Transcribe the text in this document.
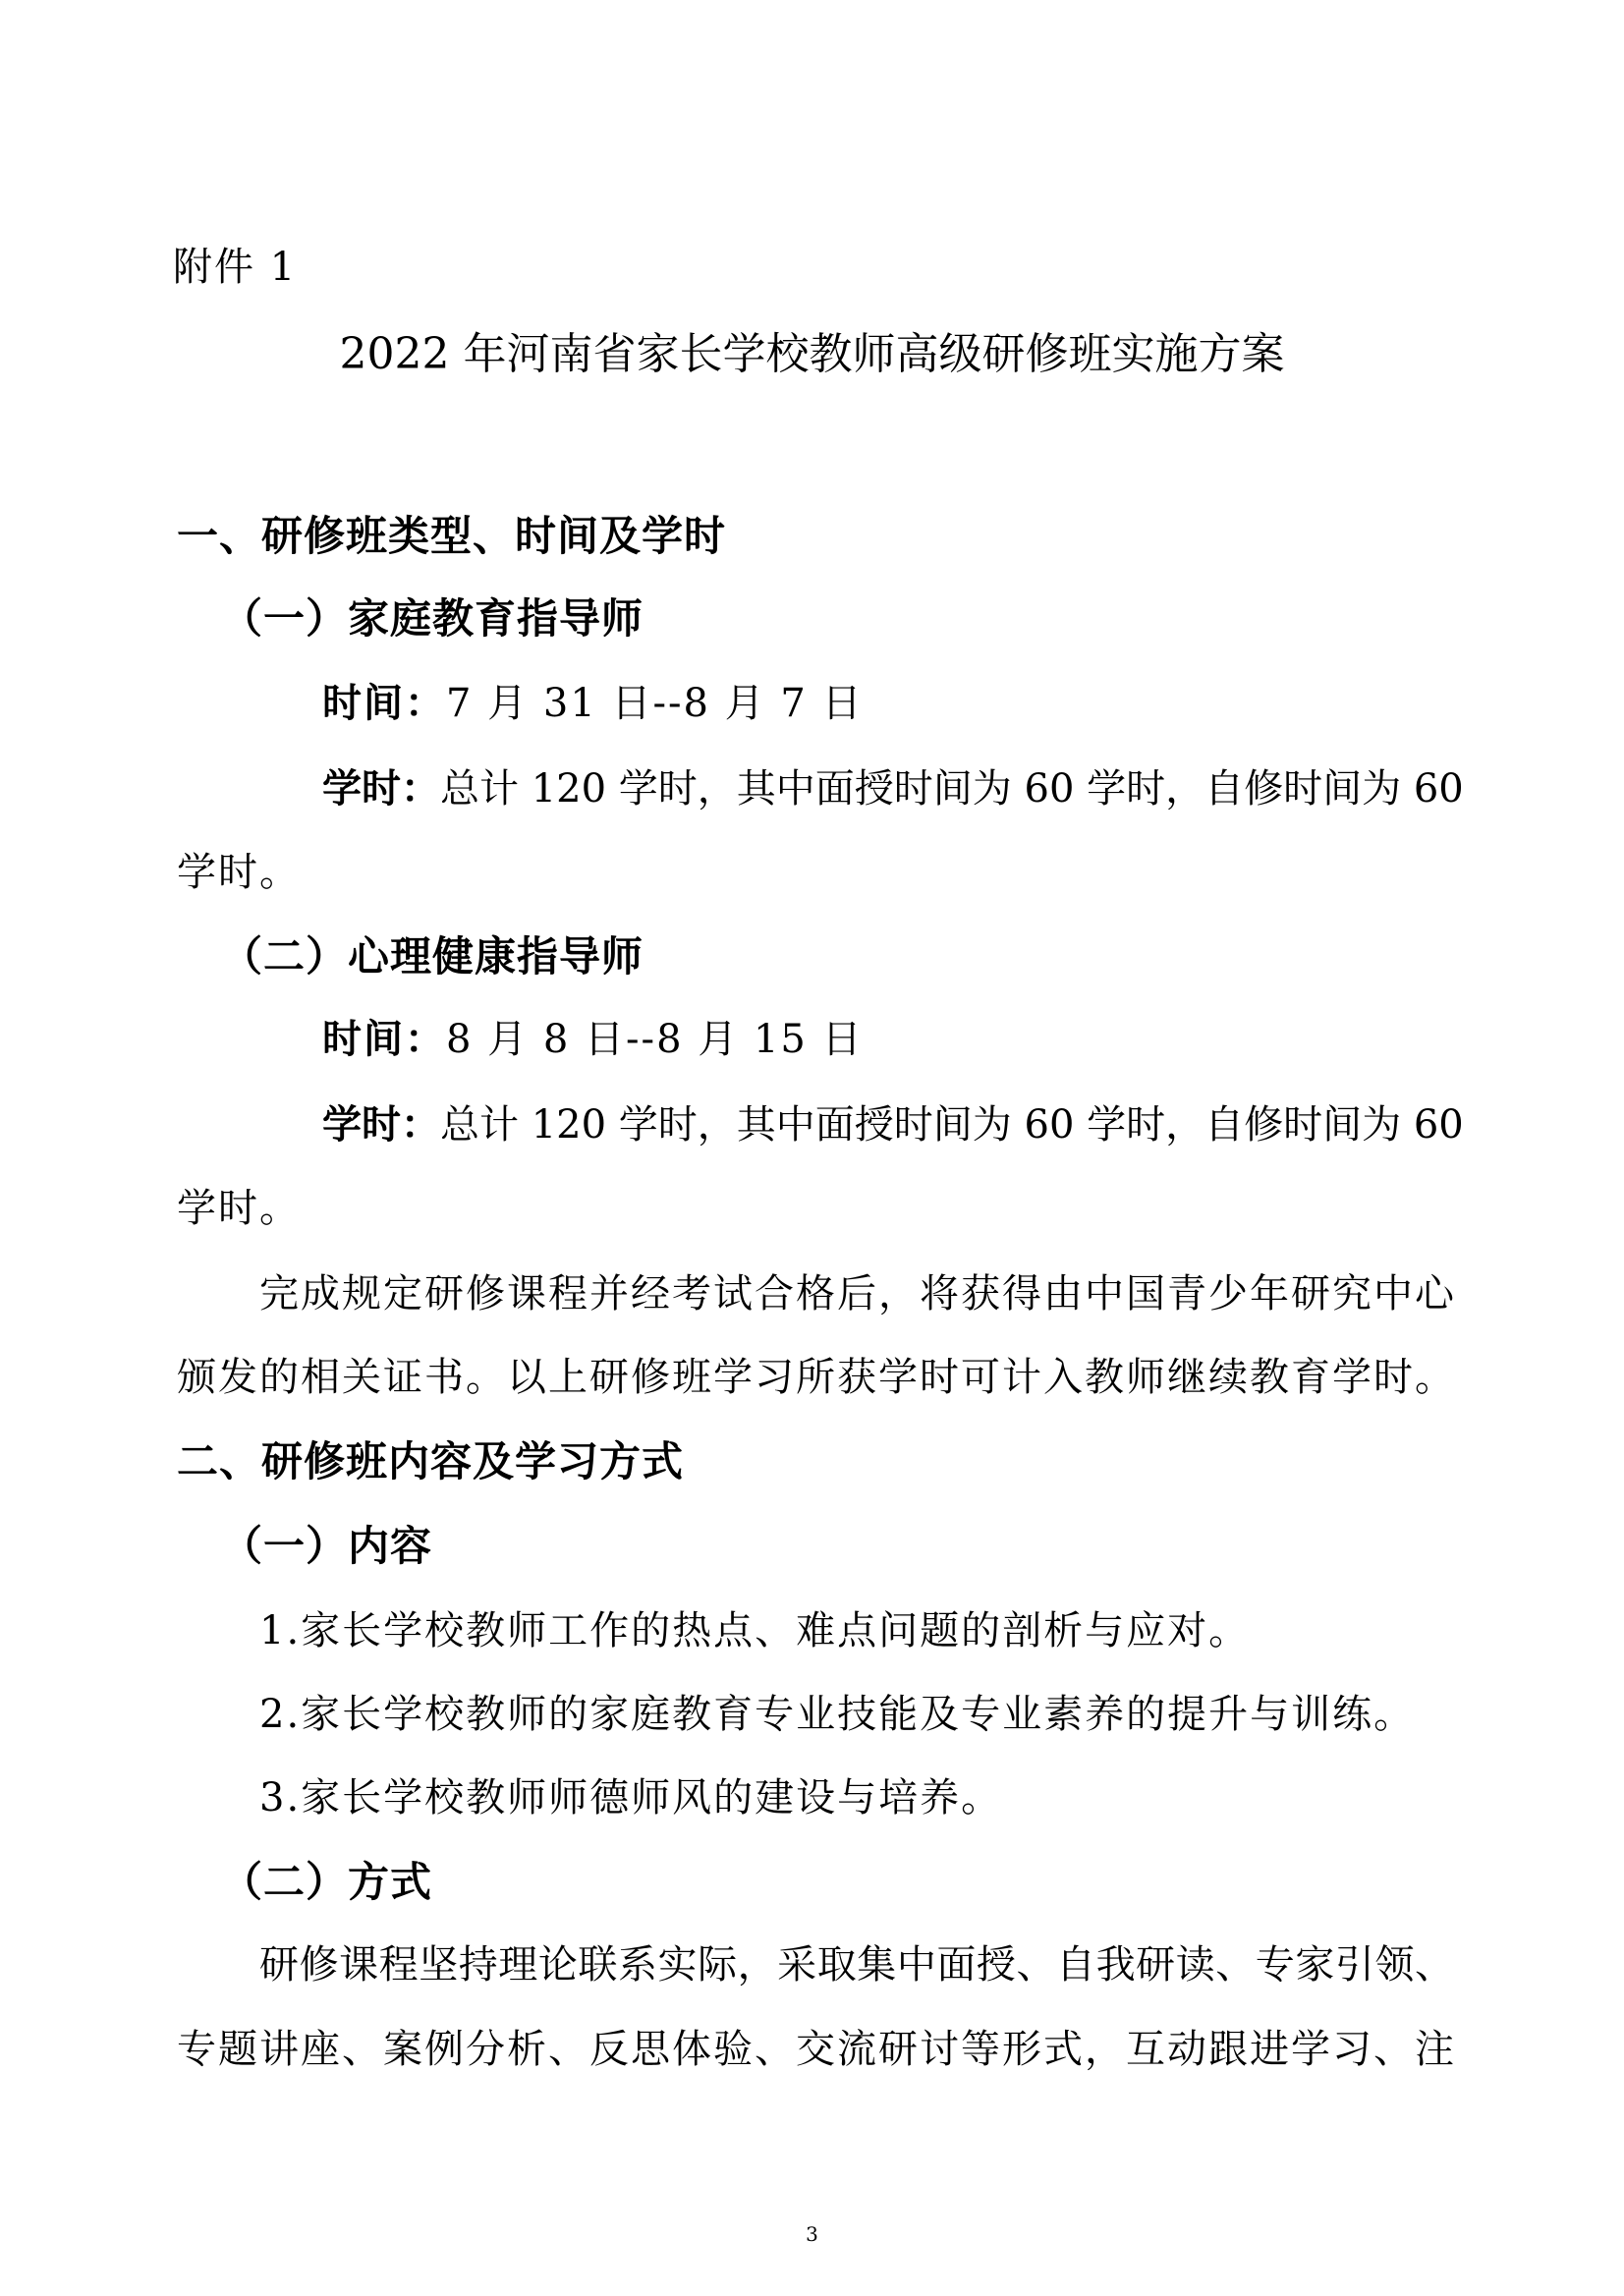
附件 1
2022 年河南省家长学校教师高级研修班实施方案
一、研修班类型、时间及学时
（一）家庭教育指导师
时间：7 月 31 日--8 月 7 日
学时： 总计 120 学时，其中面授时间为 60 学时，自修时间为 60
学时。
（二）心理健康指导师
时间：8 月 8 日--8 月 15 日
学时： 总计 120 学时，其中面授时间为 60 学时，自修时间为 60
学时。
完成规定研修课程并经考试合格后，将获得由中国青少年研究中心
颁发的相关证书。以上研修班学习所获学时可计入教师继续教育学时。
二、研修班内容及学习方式
（一）内容
1.家长学校教师工作的热点、难点问题的剖析与应对。
2.家长学校教师的家庭教育专业技能及专业素养的提升与训练。
3.家长学校教师师德师风的建设与培养。
（二）方式
研修课程坚持理论联系实际，采取集中面授、自我研读、专家引领、
专题讲座、案例分析、反思体验、交流研讨等形式，互动跟进学习、注
3
